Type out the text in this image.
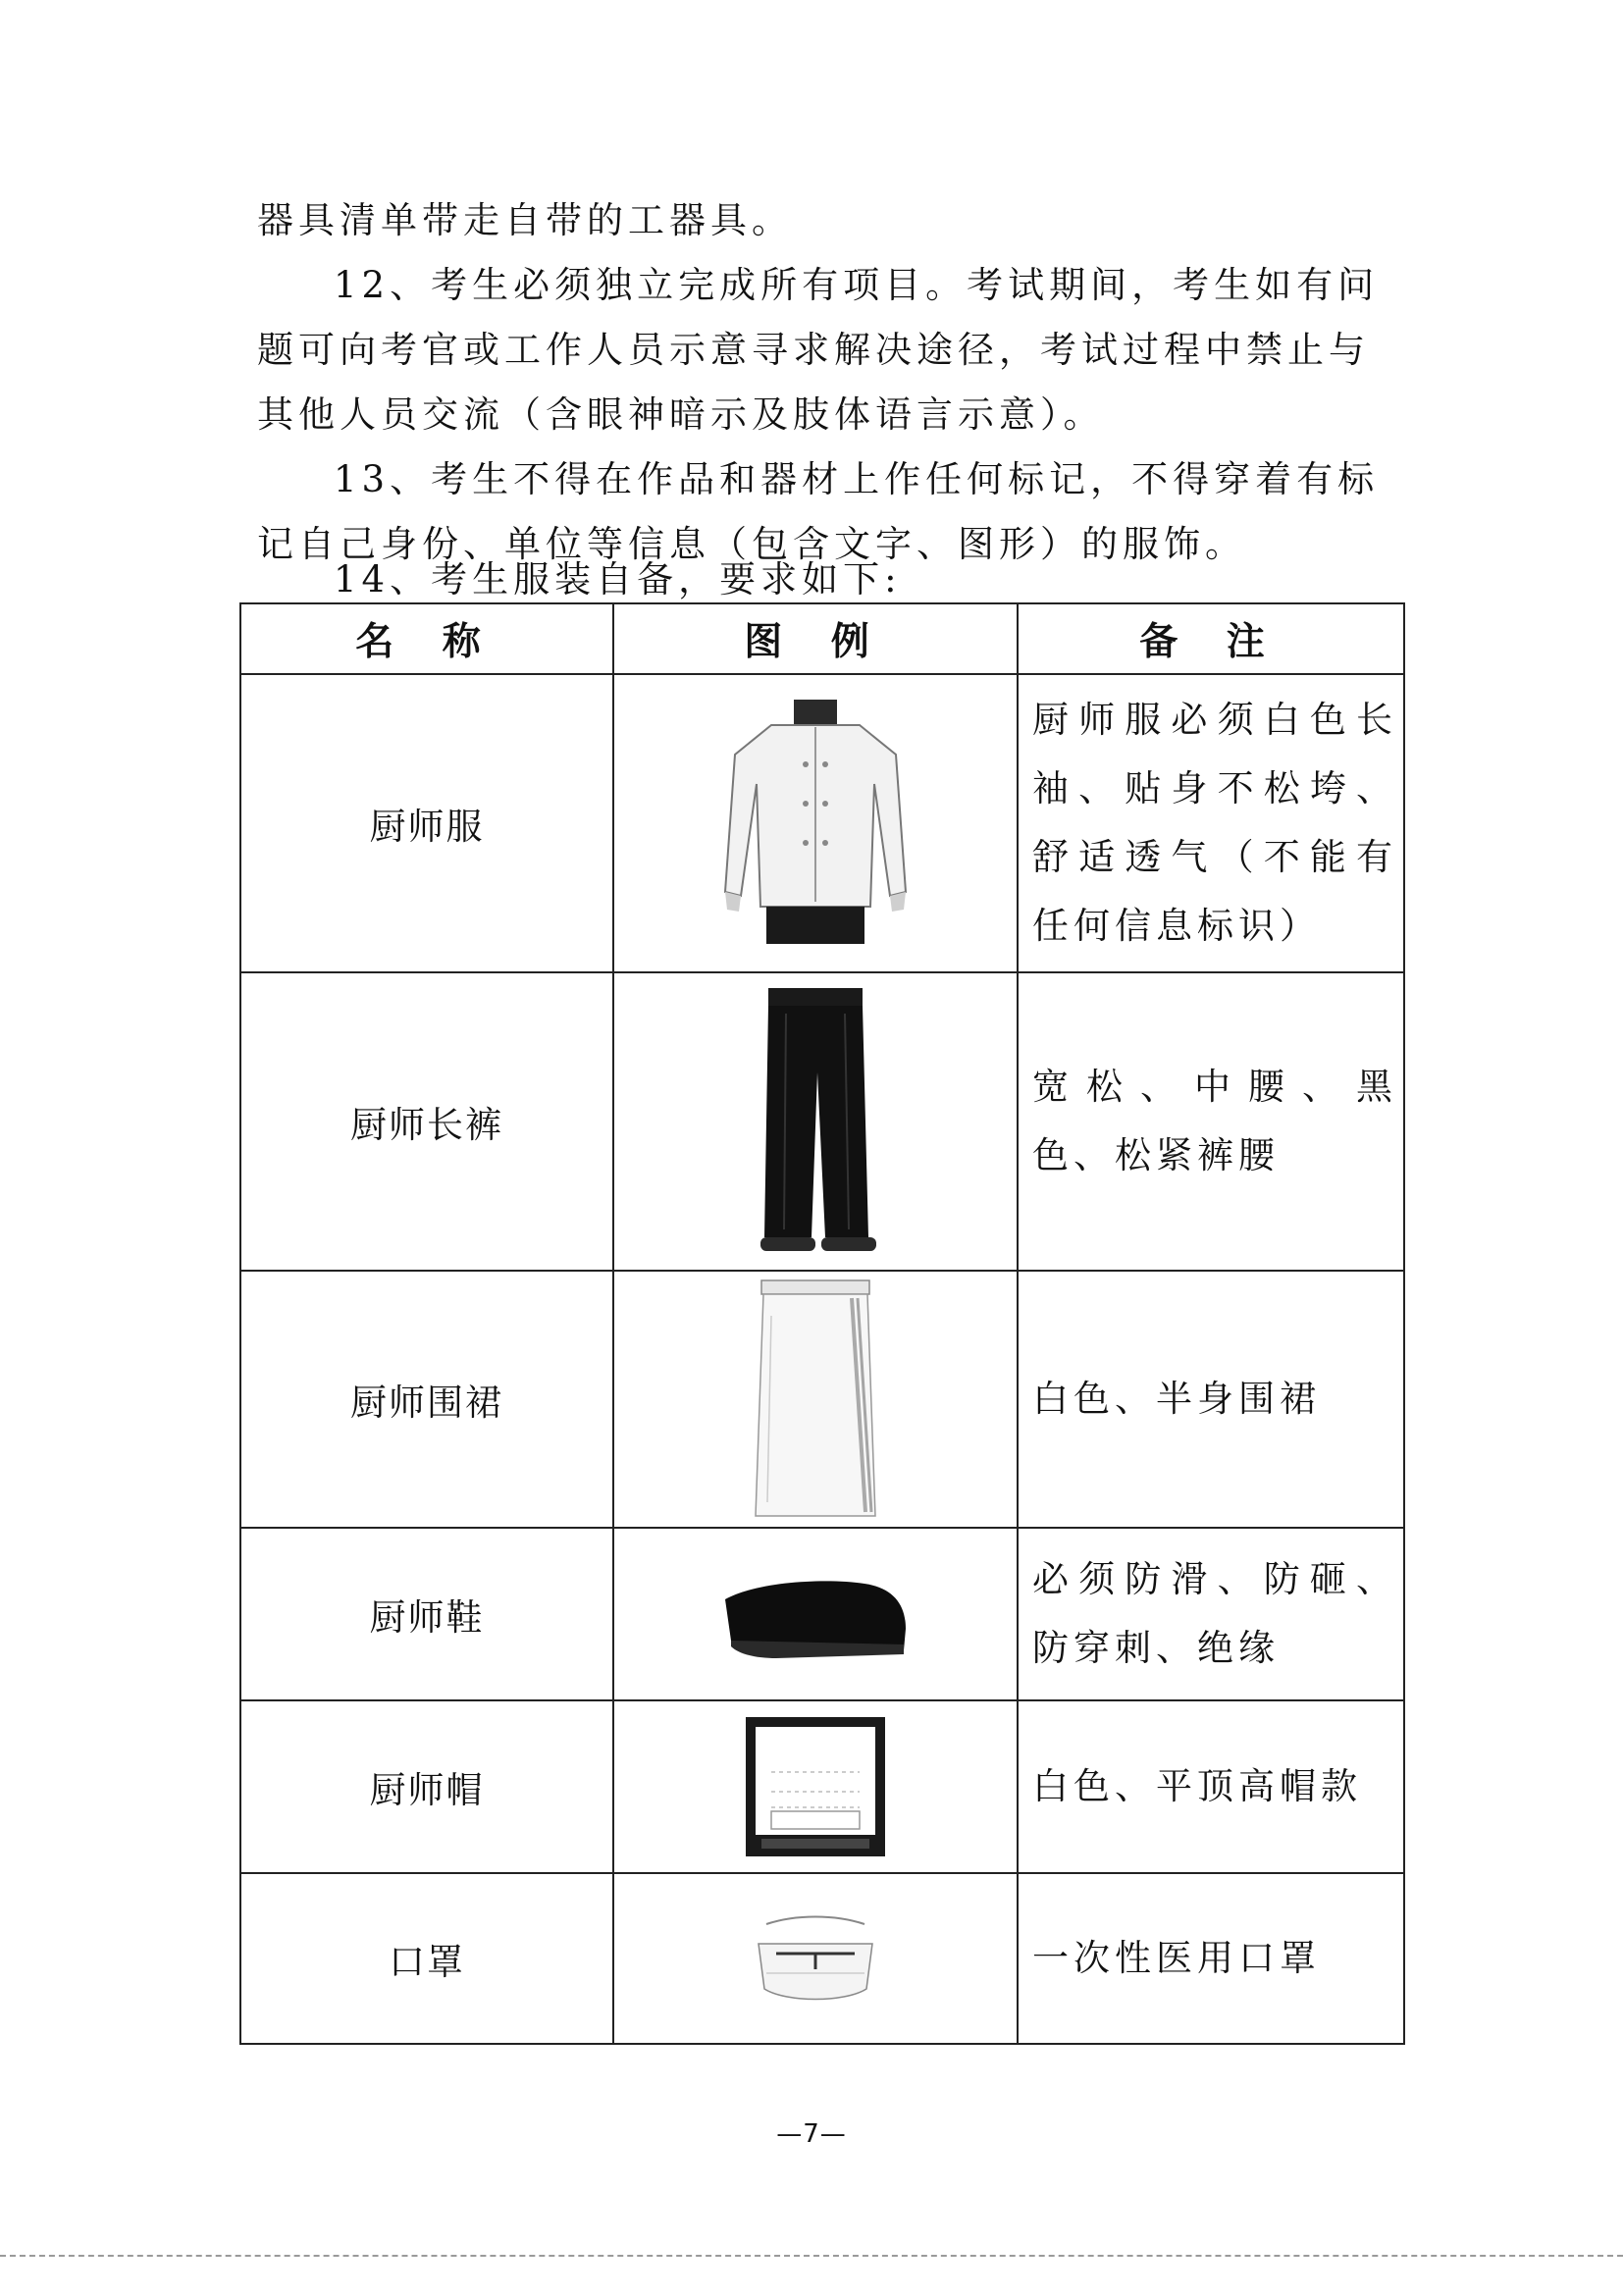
器具清单带走自带的工器具。

12、考生必须独立完成所有项目。考试期间，考生如有问题可向考官或工作人员示意寻求解决途径，考试过程中禁止与其他人员交流（含眼神暗示及肢体语言示意）。

13、考生不得在作品和器材上作任何标记，不得穿着有标记自己身份、单位等信息（包含文字、图形）的服饰。

14、考生服装自备，要求如下:

名 称	图 例	备 注
厨师服		厨师服必须白色长袖、贴身不松垮、舒适透气（不能有任何信息标识）
厨师长裤		宽松、中腰、黑色、松紧裤腰
厨师围裙		白色、半身围裙
厨师鞋		必须防滑、防砸、防穿刺、绝缘
厨师帽		白色、平顶高帽款
口罩		一次性医用口罩
—7—
